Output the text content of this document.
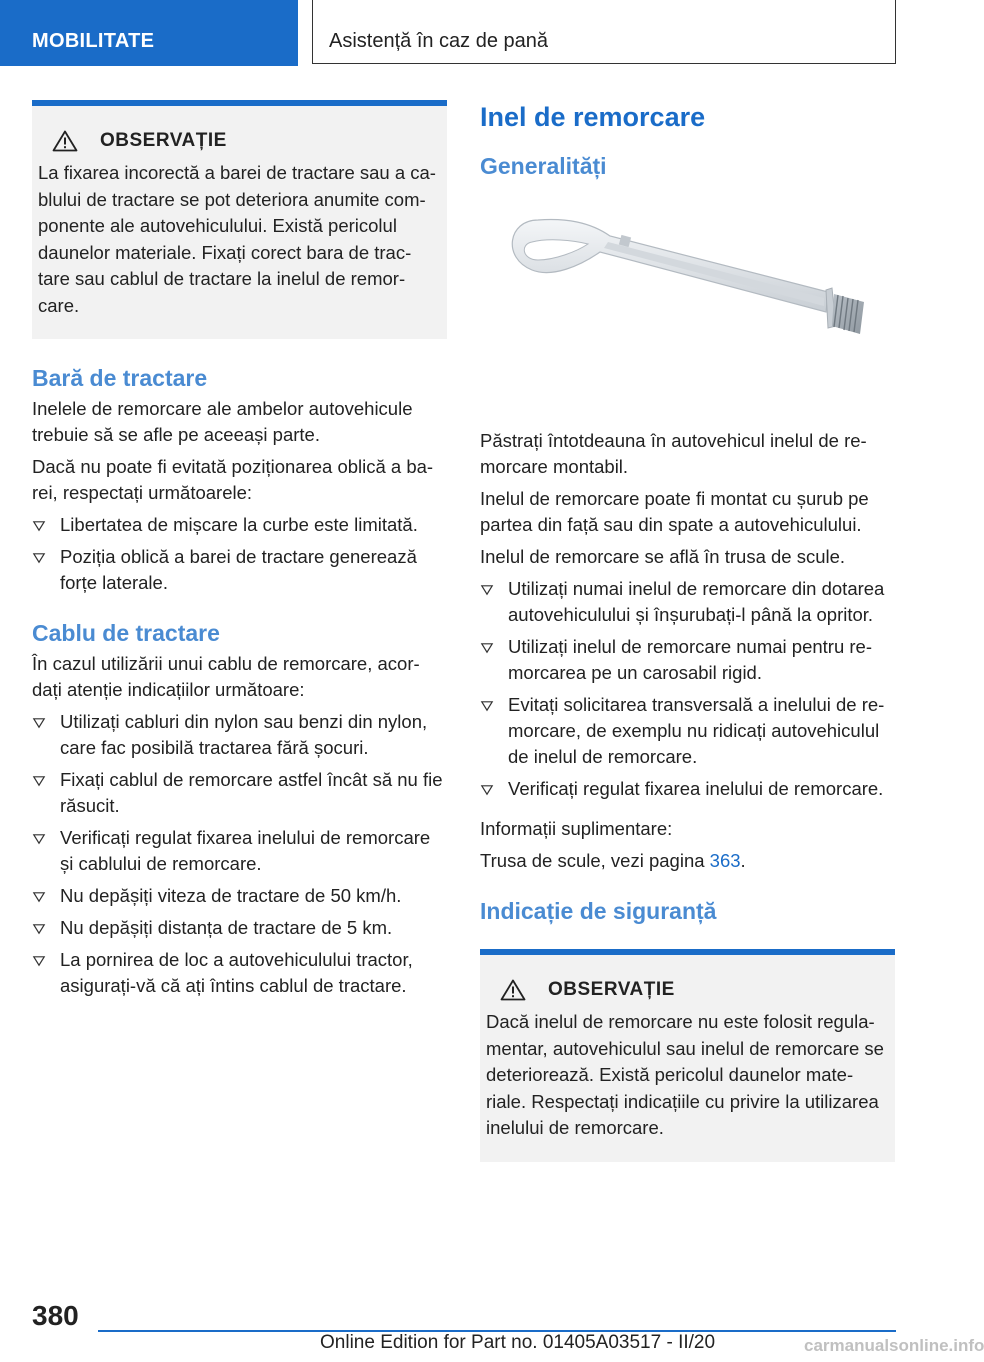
MOBILITATE	Asistență în caz de pană
OBSERVAȚIE
La fixarea incorectă a barei de tractare sau a ca-blului de tractare se pot deteriora anumite com-ponente ale autovehiculului. Există pericolul daunelor materiale. Fixați corect bara de trac-tare sau cablul de tractare la inelul de remor-care.
Bară de tractare

Inelele de remorcare ale ambelor autovehicule trebuie să se afle pe aceeași parte.

Dacă nu poate fi evitată poziționarea oblică a ba-rei, respectați următoarele:

Libertatea de mișcare la curbe este limitată.
Poziția oblică a barei de tractare generează forțe laterale.
Cablu de tractare

În cazul utilizării unui cablu de remorcare, acor-dați atenție indicațiilor următoare:

Utilizați cabluri din nylon sau benzi din nylon, care fac posibilă tractarea fără șocuri.
Fixați cablul de remorcare astfel încât să nu fie răsucit.
Verificați regulat fixarea inelului de remorcare și cablului de remorcare.
Nu depășiți viteza de tractare de 50 km/h.
Nu depășiți distanța de tractare de 5 km.
La pornirea de loc a autovehiculului tractor, asigurați-vă că ați întins cablul de tractare.
Inel de remorcare
Generalități

Păstrați întotdeauna în autovehicul inelul de re-morcare montabil.

Inelul de remorcare poate fi montat cu șurub pe partea din față sau din spate a autovehiculului.

Inelul de remorcare se află în trusa de scule.

Utilizați numai inelul de remorcare din dotarea autovehiculului și înșurubați-l până la opritor.
Utilizați inelul de remorcare numai pentru re-morcarea pe un carosabil rigid.
Evitați solicitarea transversală a inelului de re-morcare, de exemplu nu ridicați autovehiculul de inelul de remorcare.
Verificați regulat fixarea inelului de remorcare.

Informații suplimentare:

Trusa de scule, vezi pagina 363.

Indicație de siguranță
OBSERVAȚIE
Dacă inelul de remorcare nu este folosit regula-mentar, autovehiculul sau inelul de remorcare se deteriorează. Există pericolul daunelor mate-riale. Respectați indicațiile cu privire la utilizarea inelului de remorcare.
380
Online Edition for Part no. 01405A03517 - II/20	carmanualsonline.info
